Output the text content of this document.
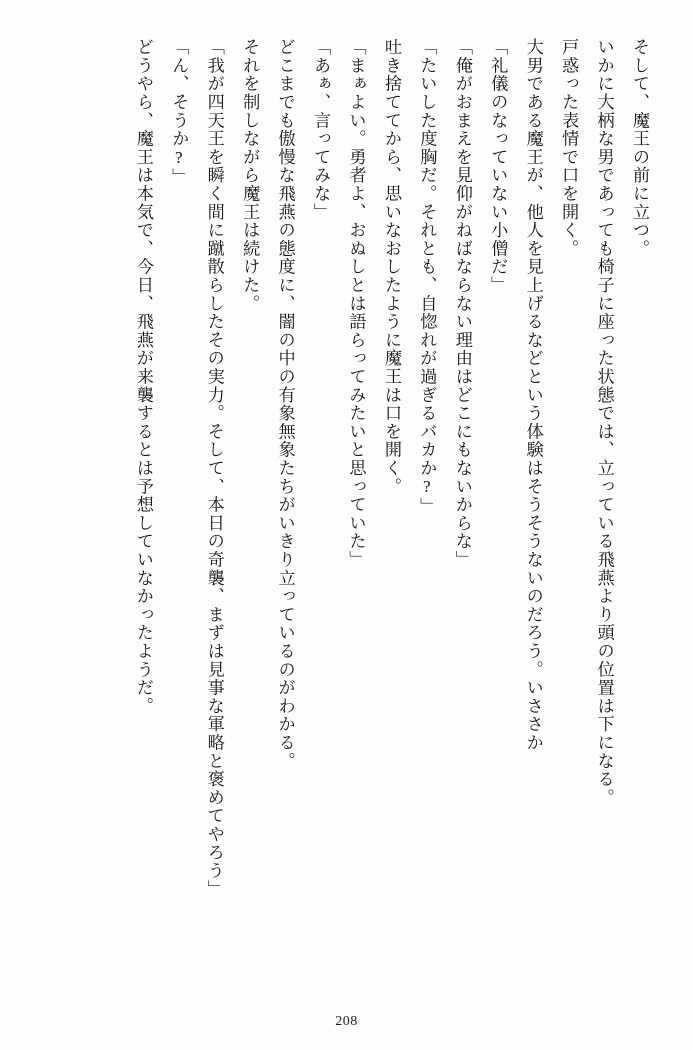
そして、魔王の前に立つ。

いかに大柄な男であっても椅子に座った状態では、立っている飛燕より頭の位置は下になる。

戸惑った表情で口を開く。

大男である魔王が、他人を見上げるなどという体験はそうそうないのだろう。いささか

「礼儀のなっていない小僧だ」

「俺がおまえを見仰がねばならない理由はどこにもないからな」

「たいした度胸だ。それとも、自惚れが過ぎるバカか?」

吐き捨ててから、思いなおしたように魔王は口を開く。

「まぁよい。勇者よ、おぬしとは語らってみたいと思っていた」

「あぁ、言ってみな」

どこまでも傲慢な飛燕の態度に、闇の中の有象無象たちがいきり立っているのがわかる。

それを制しながら魔王は続けた。

「我が四天王を瞬く間に蹴散らしたその実力。そして、本日の奇襲、まずは見事な軍略と褒めてやろう」

「ん、そうか?」

どうやら、魔王は本気で、今日、飛燕が来襲するとは予想していなかったようだ。

208
